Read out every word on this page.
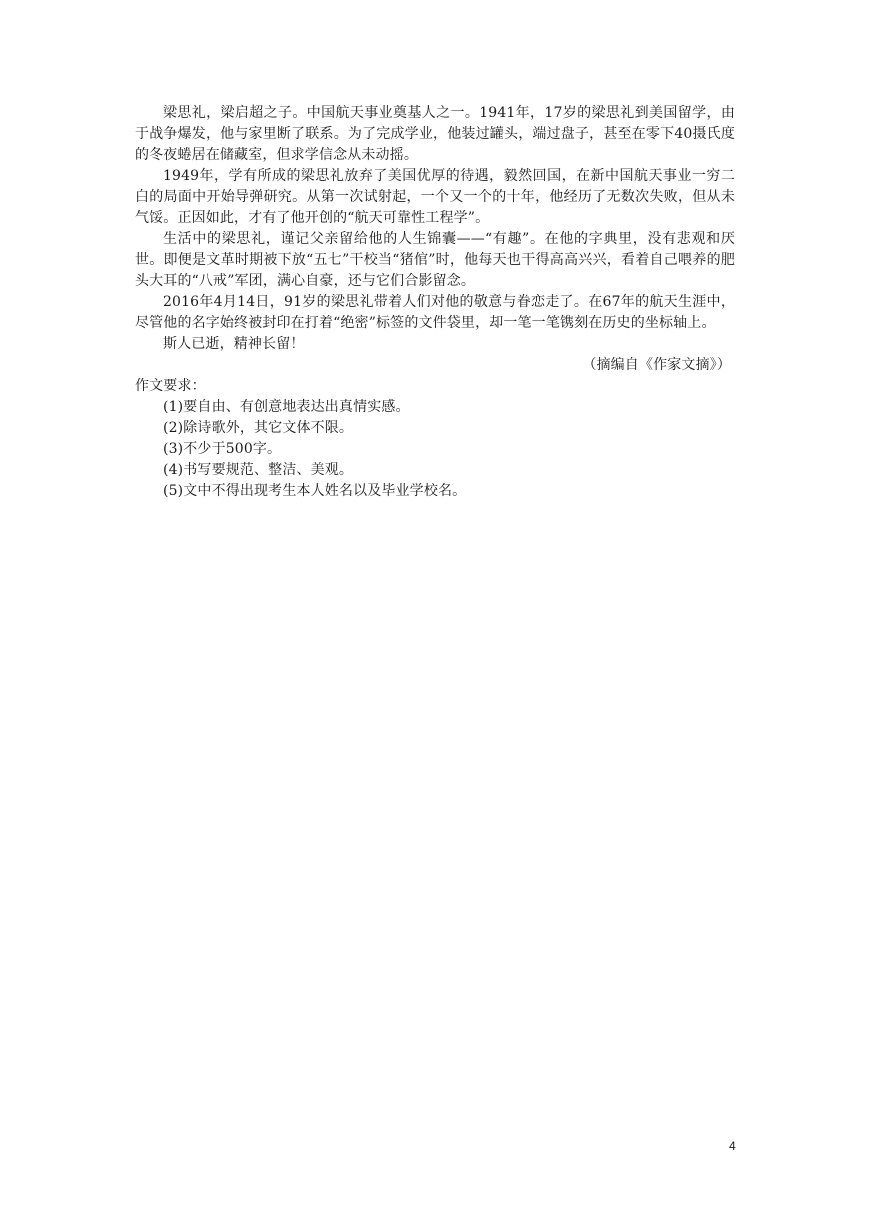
梁思礼，梁启超之子。中国航天事业奠基人之一。1941年，17岁的梁思礼到美国留学，由于战争爆发，他与家里断了联系。为了完成学业，他装过罐头，端过盘子，甚至在零下40摄氏度的冬夜蜷居在储藏室，但求学信念从未动摇。

1949年，学有所成的梁思礼放弃了美国优厚的待遇，毅然回国，在新中国航天事业一穷二白的局面中开始导弹研究。从第一次试射起，一个又一个的十年，他经历了无数次失败，但从未气馁。正因如此，才有了他开创的“航天可靠性工程学”。

生活中的梁思礼，谨记父亲留给他的人生锦囊——“有趣”。在他的字典里，没有悲观和厌世。即便是文革时期被下放“五七”干校当“猪倌”时，他每天也干得高高兴兴，看着自己喂养的肥头大耳的“八戒”军团，满心自豪，还与它们合影留念。

2016年4月14日，91岁的梁思礼带着人们对他的敬意与眷恋走了。在67年的航天生涯中，尽管他的名字始终被封印在打着“绝密”标签的文件袋里，却一笔一笔镌刻在历史的坐标轴上。

斯人已逝，精神长留！

（摘编自《作家文摘》）

作文要求：

(1)要自由、有创意地表达出真情实感。
(2)除诗歌外，其它文体不限。
(3)不少于500字。
(4)书写要规范、整洁、美观。
(5)文中不得出现考生本人姓名以及毕业学校名。
4
